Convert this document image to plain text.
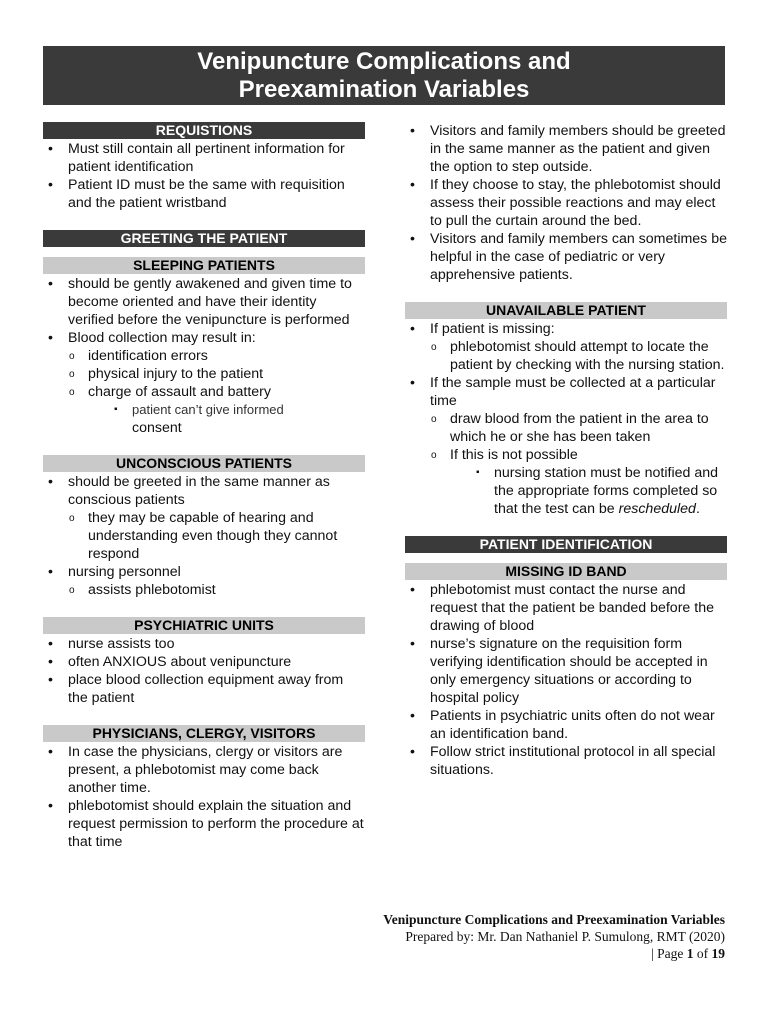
Venipuncture Complications and
Preexamination Variables
REQUISTIONS
• Must still contain all pertinent information for patient identification
• Patient ID must be the same with requisition and the patient wristband
GREETING THE PATIENT
SLEEPING PATIENTS
• should be gently awakened and given time to become oriented and have their identity verified before the venipuncture is performed
• Blood collection may result in:
o identification errors
o physical injury to the patient
o charge of assault and battery
▪ patient can’t give informed
consent
UNCONSCIOUS PATIENTS
• should be greeted in the same manner as conscious patients
o they may be capable of hearing and understanding even though they cannot respond
• nursing personnel
o assists phlebotomist
PSYCHIATRIC UNITS
• nurse assists too
• often ANXIOUS about venipuncture
• place blood collection equipment away from the patient
PHYSICIANS, CLERGY, VISITORS
• In case the physicians, clergy or visitors are present, a phlebotomist may come back another time.
• phlebotomist should explain the situation and request permission to perform the procedure at that time
• Visitors and family members should be greeted in the same manner as the patient and given the option to step outside.
• If they choose to stay, the phlebotomist should assess their possible reactions and may elect to pull the curtain around the bed.
• Visitors and family members can sometimes be helpful in the case of pediatric or very apprehensive patients.
UNAVAILABLE PATIENT
• If patient is missing:
o phlebotomist should attempt to locate the patient by checking with the nursing station.
• If the sample must be collected at a particular time
o draw blood from the patient in the area to which he or she has been taken
o If this is not possible
▪ nursing station must be notified and the appropriate forms completed so that the test can be rescheduled.
PATIENT IDENTIFICATION
MISSING ID BAND
• phlebotomist must contact the nurse and request that the patient be banded before the drawing of blood
• nurse’s signature on the requisition form verifying identification should be accepted in only emergency situations or according to hospital policy
• Patients in psychiatric units often do not wear an identification band.
• Follow strict institutional protocol in all special situations.
Venipuncture Complications and Preexamination Variables
Prepared by: Mr. Dan Nathaniel P. Sumulong, RMT (2020)
| Page 1 of 19
